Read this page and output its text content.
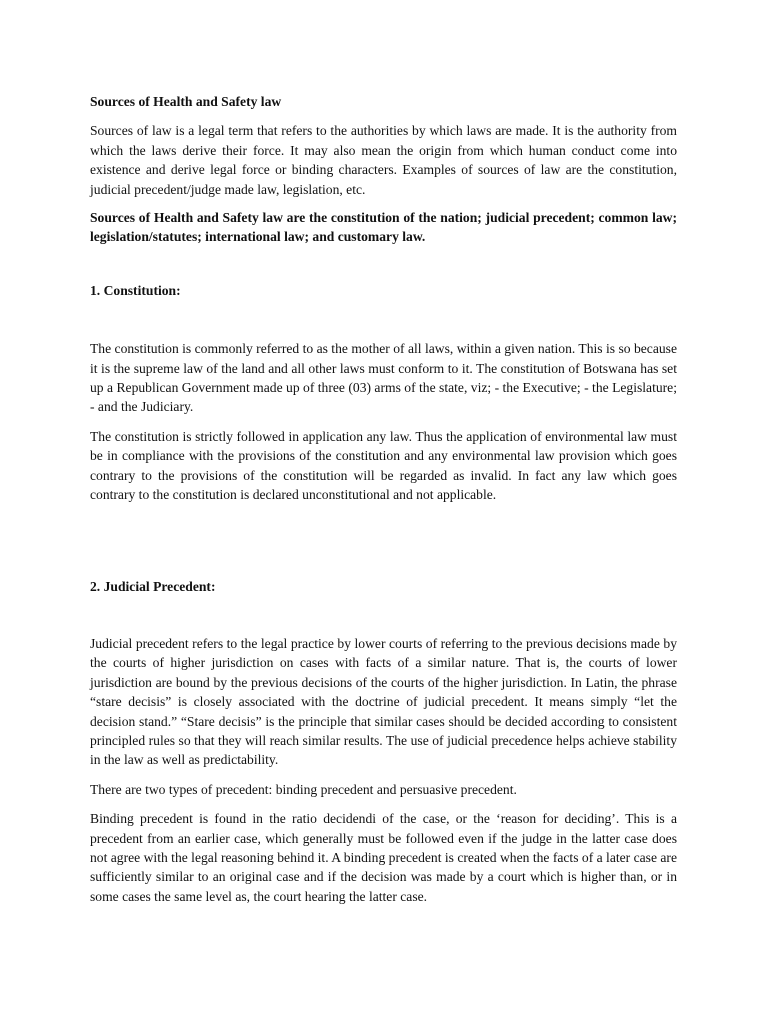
Sources of Health and Safety law

Sources of law is a legal term that refers to the authorities by which laws are made. It is the authority from which the laws derive their force. It may also mean the origin from which human conduct come into existence and derive legal force or binding characters. Examples of sources of law are the constitution, judicial precedent/judge made law, legislation, etc.

Sources of Health and Safety law are the constitution of the nation; judicial precedent; common law; legislation/statutes; international law; and customary law.

1. Constitution:

The constitution is commonly referred to as the mother of all laws, within a given nation. This is so because it is the supreme law of the land and all other laws must conform to it. The constitution of Botswana has set up a Republican Government made up of three (03) arms of the state, viz; - the Executive; - the Legislature; - and the Judiciary.

The constitution is strictly followed in application any law. Thus the application of environmental law must be in compliance with the provisions of the constitution and any environmental law provision which goes contrary to the provisions of the constitution will be regarded as invalid. In fact any law which goes contrary to the constitution is declared unconstitutional and not applicable.

2. Judicial Precedent:

Judicial precedent refers to the legal practice by lower courts of referring to the previous decisions made by the courts of higher jurisdiction on cases with facts of a similar nature. That is, the courts of lower jurisdiction are bound by the previous decisions of the courts of the higher jurisdiction. In Latin, the phrase “stare decisis” is closely associated with the doctrine of judicial precedent. It means simply “let the decision stand.” “Stare decisis” is the principle that similar cases should be decided according to consistent principled rules so that they will reach similar results. The use of judicial precedence helps achieve stability in the law as well as predictability.

There are two types of precedent: binding precedent and persuasive precedent.

Binding precedent is found in the ratio decidendi of the case, or the ‘reason for deciding’. This is a precedent from an earlier case, which generally must be followed even if the judge in the latter case does not agree with the legal reasoning behind it. A binding precedent is created when the facts of a later case are sufficiently similar to an original case and if the decision was made by a court which is higher than, or in some cases the same level as, the court hearing the latter case.
